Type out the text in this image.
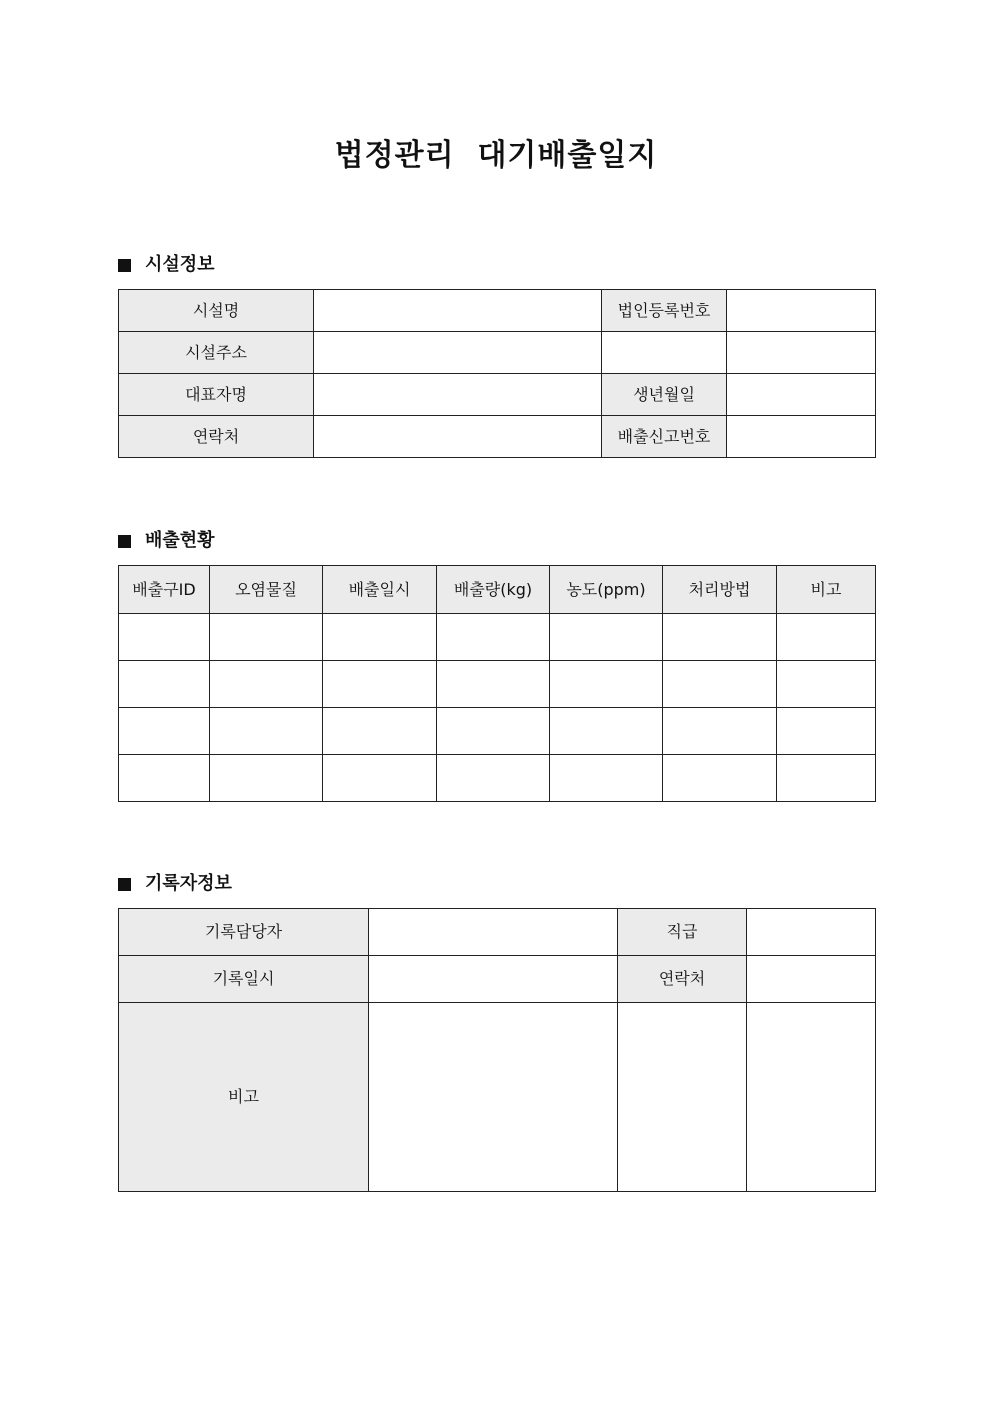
법정관리  대기배출일지
시설정보
시설명		법인등록번호	
시설주소			
대표자명		생년월일	
연락처		배출신고번호	
배출현황
배출구ID	오염물질	배출일시	배출량(kg)	농도(ppm)	처리방법	비고

기록자정보
기록담당자		직급	
기록일시		연락처	
비고			
